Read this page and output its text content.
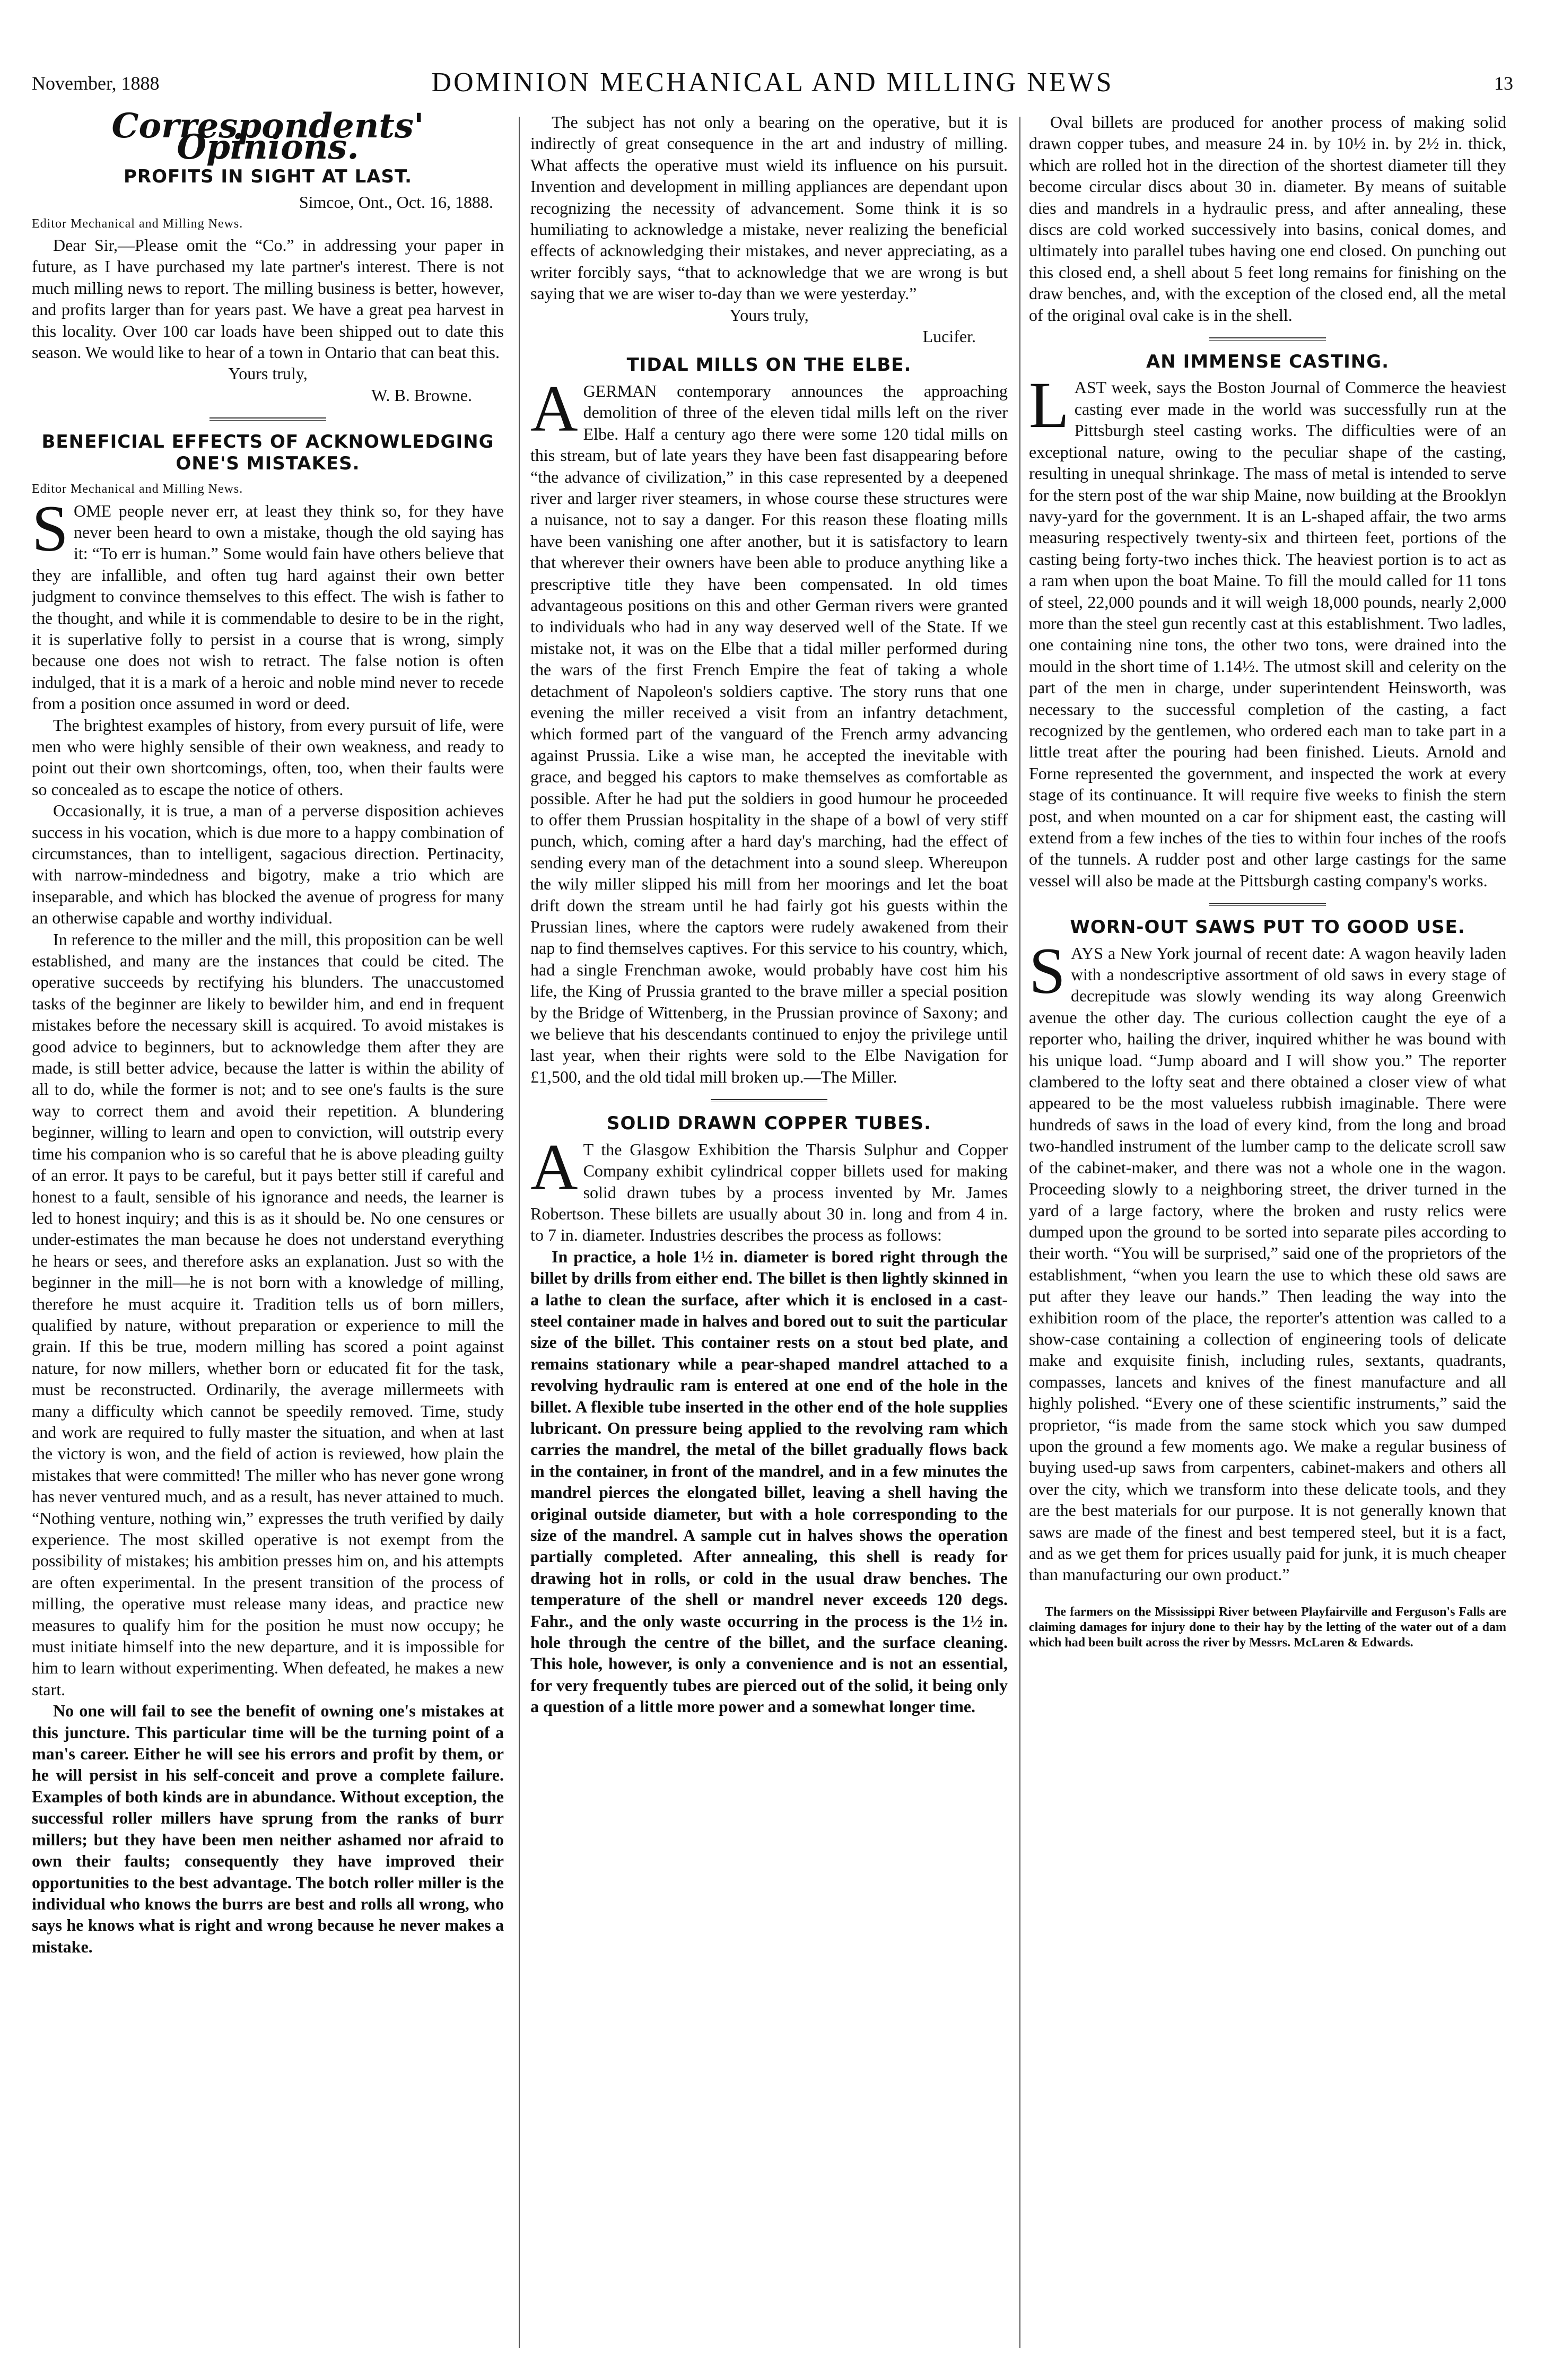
November, 1888	DOMINION MECHANICAL AND MILLING NEWS	13
Correspondents' Opinions.
PROFITS IN SIGHT AT LAST.

Simcoe, Ont., Oct. 16, 1888.

Editor Mechanical and Milling News.

Dear Sir,—Please omit the “Co.” in addressing your paper in future, as I have purchased my late partner's interest. There is not much milling news to report. The milling business is better, however, and profits larger than for years past. We have a great pea harvest in this locality. Over 100 car loads have been shipped out to date this season. We would like to hear of a town in Ontario that can beat this.

Yours truly,

W. B. Browne.

BENEFICIAL EFFECTS OF ACKNOWLEDGING ONE'S MISTAKES.

Editor Mechanical and Milling News.

SOME people never err, at least they think so, for they have never been heard to own a mistake, though the old saying has it: “To err is human.” Some would fain have others believe that they are infallible, and often tug hard against their own better judgment to convince themselves to this effect. The wish is father to the thought, and while it is commendable to desire to be in the right, it is superlative folly to persist in a course that is wrong, simply because one does not wish to retract. The false notion is often indulged, that it is a mark of a heroic and noble mind never to recede from a position once assumed in word or deed.

The brightest examples of history, from every pursuit of life, were men who were highly sensible of their own weakness, and ready to point out their own shortcomings, often, too, when their faults were so concealed as to escape the notice of others.

Occasionally, it is true, a man of a perverse disposition achieves success in his vocation, which is due more to a happy combination of circumstances, than to intelligent, sagacious direction. Pertinacity, with narrow-mindedness and bigotry, make a trio which are inseparable, and which has blocked the avenue of progress for many an otherwise capable and worthy individual.

In reference to the miller and the mill, this proposition can be well established, and many are the instances that could be cited. The operative succeeds by rectifying his blunders. The unaccustomed tasks of the beginner are likely to bewilder him, and end in frequent mistakes before the necessary skill is acquired. To avoid mistakes is good advice to beginners, but to acknowledge them after they are made, is still better advice, because the latter is within the ability of all to do, while the former is not; and to see one's faults is the sure way to correct them and avoid their repetition. A blundering beginner, willing to learn and open to conviction, will outstrip every time his companion who is so careful that he is above pleading guilty of an error. It pays to be careful, but it pays better still if careful and honest to a fault, sensible of his ignorance and needs, the learner is led to honest inquiry; and this is as it should be. No one censures or under-estimates the man because he does not understand everything he hears or sees, and therefore asks an explanation. Just so with the beginner in the mill—he is not born with a knowledge of milling, therefore he must acquire it. Tradition tells us of born millers, qualified by nature, without preparation or experience to mill the grain. If this be true, modern milling has scored a point against nature, for now millers, whether born or educated fit for the task, must be reconstructed. Ordinarily, the average millermeets with many a difficulty which cannot be speedily removed. Time, study and work are required to fully master the situation, and when at last the victory is won, and the field of action is reviewed, how plain the mistakes that were committed! The miller who has never gone wrong has never ventured much, and as a result, has never attained to much. “Nothing venture, nothing win,” expresses the truth verified by daily experience. The most skilled operative is not exempt from the possibility of mistakes; his ambition presses him on, and his attempts are often experimental. In the present transition of the process of milling, the operative must release many ideas, and practice new measures to qualify him for the position he must now occupy; he must initiate himself into the new departure, and it is impossible for him to learn without experimenting. When defeated, he makes a new start.

No one will fail to see the benefit of owning one's mistakes at this juncture. This particular time will be the turning point of a man's career. Either he will see his errors and profit by them, or he will persist in his self-conceit and prove a complete failure. Examples of both kinds are in abundance. Without exception, the successful roller millers have sprung from the ranks of burr millers; but they have been men neither ashamed nor afraid to own their faults; consequently they have improved their opportunities to the best advantage. The botch roller miller is the individual who knows the burrs are best and rolls all wrong, who says he knows what is right and wrong because he never makes a mistake.

The subject has not only a bearing on the operative, but it is indirectly of great consequence in the art and industry of milling. What affects the operative must wield its influence on his pursuit. Invention and development in milling appliances are dependant upon recognizing the necessity of advancement. Some think it is so humiliating to acknowledge a mistake, never realizing the beneficial effects of acknowledging their mistakes, and never appreciating, as a writer forcibly says, “that to acknowledge that we are wrong is but saying that we are wiser to-day than we were yesterday.”

Yours truly,

Lucifer.

TIDAL MILLS ON THE ELBE.

AGERMAN contemporary announces the approaching demolition of three of the eleven tidal mills left on the river Elbe. Half a century ago there were some 120 tidal mills on this stream, but of late years they have been fast disappearing before “the advance of civilization,” in this case represented by a deepened river and larger river steamers, in whose course these structures were a nuisance, not to say a danger. For this reason these floating mills have been vanishing one after another, but it is satisfactory to learn that wherever their owners have been able to produce anything like a prescriptive title they have been compensated. In old times advantageous positions on this and other German rivers were granted to individuals who had in any way deserved well of the State. If we mistake not, it was on the Elbe that a tidal miller performed during the wars of the first French Empire the feat of taking a whole detachment of Napoleon's soldiers captive. The story runs that one evening the miller received a visit from an infantry detachment, which formed part of the vanguard of the French army advancing against Prussia. Like a wise man, he accepted the inevitable with grace, and begged his captors to make themselves as comfortable as possible. After he had put the soldiers in good humour he proceeded to offer them Prussian hospitality in the shape of a bowl of very stiff punch, which, coming after a hard day's marching, had the effect of sending every man of the detachment into a sound sleep. Whereupon the wily miller slipped his mill from her moorings and let the boat drift down the stream until he had fairly got his guests within the Prussian lines, where the captors were rudely awakened from their nap to find themselves captives. For this service to his country, which, had a single Frenchman awoke, would probably have cost him his life, the King of Prussia granted to the brave miller a special position by the Bridge of Wittenberg, in the Prussian province of Saxony; and we believe that his descendants continued to enjoy the privilege until last year, when their rights were sold to the Elbe Navigation for £1,500, and the old tidal mill broken up.—The Miller.

SOLID DRAWN COPPER TUBES.

A T the Glasgow Exhibition the Tharsis Sulphur and Copper Company exhibit cylindrical copper billets used for making solid drawn tubes by a process invented by Mr. James Robertson. These billets are usually about 30 in. long and from 4 in. to 7 in. diameter. Industries describes the process as follows:

In practice, a hole 1½ in. diameter is bored right through the billet by drills from either end. The billet is then lightly skinned in a lathe to clean the surface, after which it is enclosed in a cast-steel container made in halves and bored out to suit the particular size of the billet. This container rests on a stout bed plate, and remains stationary while a pear-shaped mandrel attached to a revolving hydraulic ram is entered at one end of the hole in the billet. A flexible tube inserted in the other end of the hole supplies lubricant. On pressure being applied to the revolving ram which carries the mandrel, the metal of the billet gradually flows back in the container, in front of the mandrel, and in a few minutes the mandrel pierces the elongated billet, leaving a shell having the original outside diameter, but with a hole corresponding to the size of the mandrel. A sample cut in halves shows the operation partially completed. After annealing, this shell is ready for drawing hot in rolls, or cold in the usual draw benches. The temperature of the shell or mandrel never exceeds 120 degs. Fahr., and the only waste occurring in the process is the 1½ in. hole through the centre of the billet, and the surface cleaning. This hole, however, is only a convenience and is not an essential, for very frequently tubes are pierced out of the solid, it being only a question of a little more power and a somewhat longer time.

Oval billets are produced for another process of making solid drawn copper tubes, and measure 24 in. by 10½ in. by 2½ in. thick, which are rolled hot in the direction of the shortest diameter till they become circular discs about 30 in. diameter. By means of suitable dies and mandrels in a hydraulic press, and after annealing, these discs are cold worked successively into basins, conical domes, and ultimately into parallel tubes having one end closed. On punching out this closed end, a shell about 5 feet long remains for finishing on the draw benches, and, with the exception of the closed end, all the metal of the original oval cake is in the shell.

AN IMMENSE CASTING.

LAST week, says the Boston Journal of Commerce the heaviest casting ever made in the world was successfully run at the Pittsburgh steel casting works. The difficulties were of an exceptional nature, owing to the peculiar shape of the casting, resulting in unequal shrinkage. The mass of metal is intended to serve for the stern post of the war ship Maine, now building at the Brooklyn navy-yard for the government. It is an L-shaped affair, the two arms measuring respectively twenty-six and thirteen feet, portions of the casting being forty-two inches thick. The heaviest portion is to act as a ram when upon the boat Maine. To fill the mould called for 11 tons of steel, 22,000 pounds and it will weigh 18,000 pounds, nearly 2,000 more than the steel gun recently cast at this establishment. Two ladles, one containing nine tons, the other two tons, were drained into the mould in the short time of 1.14½. The utmost skill and celerity on the part of the men in charge, under superintendent Heinsworth, was necessary to the successful completion of the casting, a fact recognized by the gentlemen, who ordered each man to take part in a little treat after the pouring had been finished. Lieuts. Arnold and Forne represented the government, and inspected the work at every stage of its continuance. It will require five weeks to finish the stern post, and when mounted on a car for shipment east, the casting will extend from a few inches of the ties to within four inches of the roofs of the tunnels. A rudder post and other large castings for the same vessel will also be made at the Pittsburgh casting company's works.

WORN-OUT SAWS PUT TO GOOD USE.

SAYS a New York journal of recent date: A wagon heavily laden with a nondescriptive assortment of old saws in every stage of decrepitude was slowly wending its way along Greenwich avenue the other day. The curious collection caught the eye of a reporter who, hailing the driver, inquired whither he was bound with his unique load. “Jump aboard and I will show you.” The reporter clambered to the lofty seat and there obtained a closer view of what appeared to be the most valueless rubbish imaginable. There were hundreds of saws in the load of every kind, from the long and broad two-handled instrument of the lumber camp to the delicate scroll saw of the cabinet-maker, and there was not a whole one in the wagon. Proceeding slowly to a neighboring street, the driver turned in the yard of a large factory, where the broken and rusty relics were dumped upon the ground to be sorted into separate piles according to their worth. “You will be surprised,” said one of the proprietors of the establishment, “when you learn the use to which these old saws are put after they leave our hands.” Then leading the way into the exhibition room of the place, the reporter's attention was called to a show-case containing a collection of engineering tools of delicate make and exquisite finish, including rules, sextants, quadrants, compasses, lancets and knives of the finest manufacture and all highly polished. “Every one of these scientific instruments,” said the proprietor, “is made from the same stock which you saw dumped upon the ground a few moments ago. We make a regular business of buying used-up saws from carpenters, cabinet-makers and others all over the city, which we transform into these delicate tools, and they are the best materials for our purpose. It is not generally known that saws are made of the finest and best tempered steel, but it is a fact, and as we get them for prices usually paid for junk, it is much cheaper than manufacturing our own product.”

The farmers on the Mississippi River between Playfairville and Ferguson's Falls are claiming damages for injury done to their hay by the letting of the water out of a dam which had been built across the river by Messrs. McLaren & Edwards.
